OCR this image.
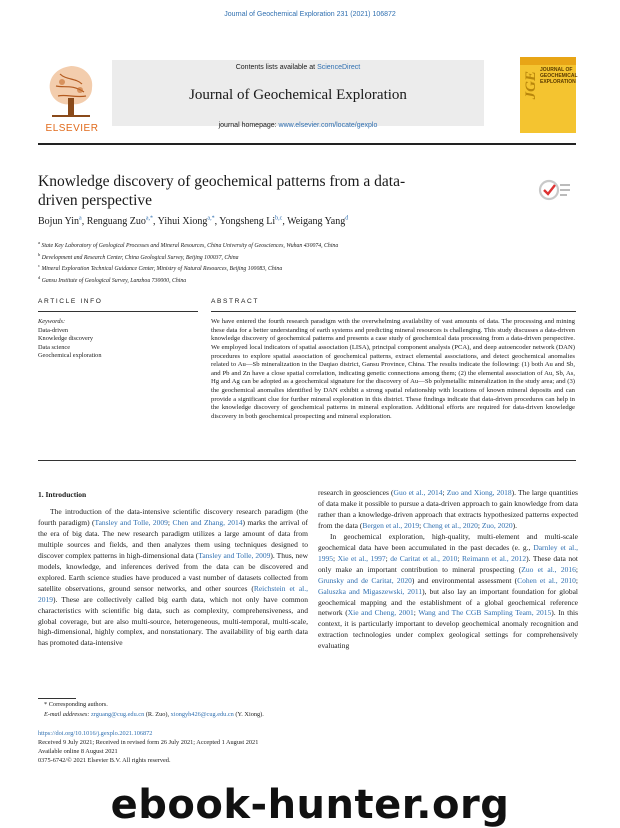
Journal of Geochemical Exploration 231 (2021) 106872
ELSEVIER
Contents lists available at ScienceDirect
Journal of Geochemical Exploration
journal homepage: www.elsevier.com/locate/gexplo
JGE
JOURNAL OF GEOCHEMICAL EXPLORATION
Knowledge discovery of geochemical patterns from a data-driven perspective
Bojun Yin$^a$, Renguang Zuo$^{a,*}$, Yihui Xiong$^{a,*}$, Yongsheng Li$^{b,c}$, Weigang Yang$^d$
$^a$ State Key Laboratory of Geological Processes and Mineral Resources, China University of Geosciences, Wuhan 430074, China
$^b$ Development and Research Center, China Geological Survey, Beijing 100037, China
$^c$ Mineral Exploration Technical Guidance Center, Ministry of Natural Resources, Beijing 100083, China
$^d$ Gansu Institute of Geological Survey, Lanzhou 730000, China
ARTICLE INFO	ABSTRACT
Keywords:
Data-driven
Knowledge discovery
Data science
Geochemical exploration
We have entered the fourth research paradigm with the overwhelming availability of vast amounts of data. The processing and mining these data for a better understanding of earth systems and predicting mineral resources is challenging. This study discusses a data-driven knowledge discovery of geochemical patterns and presents a case study of geochemical data processing from a data-driven perspective. We employed local indicators of spatial association (LISA), principal component analysis (PCA), and deep autoencoder network (DAN) procedures to explore spatial association of geochemical patterns, extract elemental associations, and detect geochemical anomalies related to Au—Sb mineralization in the Daqiao district, Gansu Province, China. The results indicate the following: (1) both Au and Sb, and Pb and Zn have a close spatial correlation, indicating genetic connections among them; (2) the elemental association of Au, Sb, As, Hg and Ag can be adopted as a geochemical signature for the discovery of Au—Sb polymetallic mineralization in the study area; and (3) the geochemical anomalies identified by DAN exhibit a strong spatial relationship with locations of known mineral deposits and can provide a significant clue for further mineral exploration in this district. These findings indicate that data-driven procedures can help in the knowledge discovery of geochemical patterns in mineral exploration. Additional efforts are required for data-driven knowledge discovery in both geochemical prospecting and mineral exploration.
1. Introduction
The introduction of the data-intensive scientific discovery research paradigm (the fourth paradigm) (Tansley and Tolle, 2009; Chen and Zhang, 2014) marks the arrival of the era of big data. The new research paradigm utilizes a large amount of data from multiple sources and fields, and then analyzes them using techniques designed to discover complex patterns in high-dimensional data (Tansley and Tolle, 2009). Thus, new models, knowledge, and inferences derived from the data can be discovered and explored. Earth science studies have produced a vast number of datasets collected from satellite observations, ground sensor networks, and other sources (Reichstein et al., 2019). These are collectively called big earth data, which not only have common characteristics with scientific big data, such as complexity, comprehensiveness, and global coverage, but are also multi-source, heterogeneous, multi-temporal, multi-scale, high-dimensional, highly complex, and nonstationary. The availability of big earth data has promoted data-intensive
research in geosciences (Guo et al., 2014; Zuo and Xiong, 2018). The large quantities of data make it possible to pursue a data-driven approach to gain knowledge from data rather than a knowledge-driven approach that extracts hypothesized patterns expected from the data (Bergen et al., 2019; Cheng et al., 2020; Zuo, 2020).
In geochemical exploration, high-quality, multi-element and multi-scale geochemical data have been accumulated in the past decades (e. g., Darnley et al., 1995; Xie et al., 1997; de Caritat et al., 2010; Reimann et al., 2012). These data not only make an important contribution to mineral prospecting (Zuo et al., 2016; Grunsky and de Caritat, 2020) and environmental assessment (Cohen et al., 2010; Galuszka and Migaszewski, 2011), but also lay an important foundation for global geochemical mapping and the establishment of a global geochemical reference network (Xie and Cheng, 2001; Wang and The CGB Sampling Team, 2015). In this context, it is particularly important to develop geochemical anomaly recognition and extraction technologies under complex geological settings for comprehensively evaluating
* Corresponding authors.
E-mail addresses: zrguang@cug.edu.cn (R. Zuo), xiongyh426@cug.edu.cn (Y. Xiong).
https://doi.org/10.1016/j.gexplo.2021.106872
Received 9 July 2021; Received in revised form 26 July 2021; Accepted 1 August 2021
Available online 8 August 2021
0375-6742/© 2021 Elsevier B.V. All rights reserved.
ebook-hunter.org
